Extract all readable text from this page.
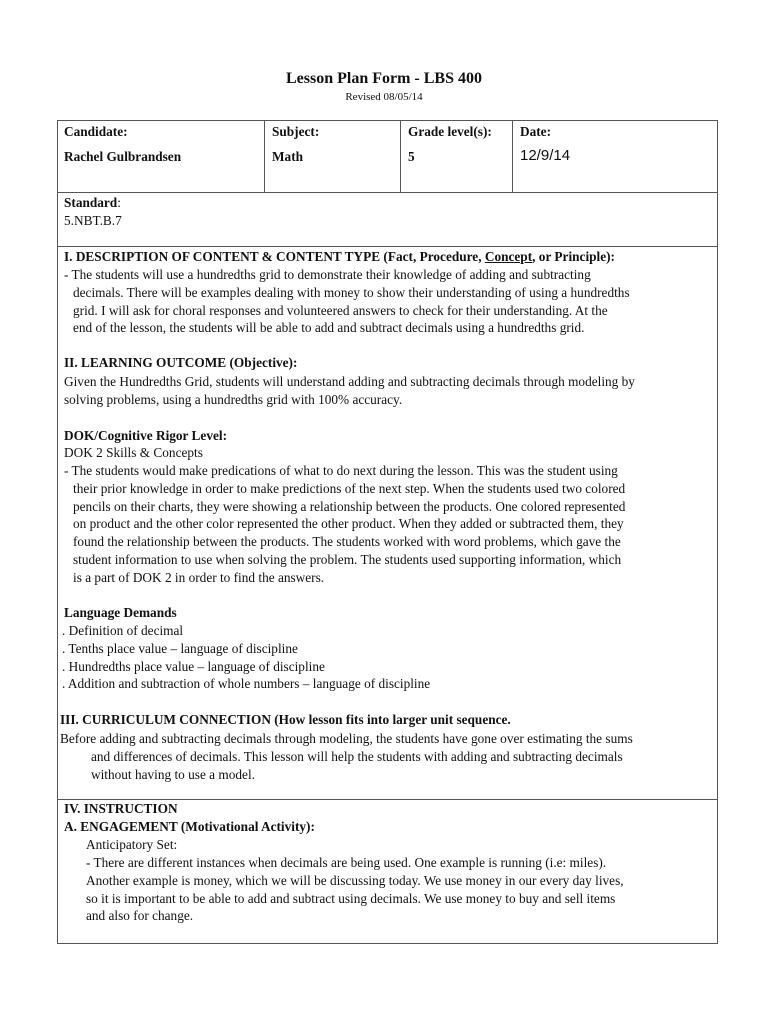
Lesson Plan Form - LBS 400
Revised 08/05/14
Candidate:
Rachel Gulbrandsen
Subject:
Math
Grade level(s):
5
Date:
12/9/14
Standard:
5.NBT.B.7
I. DESCRIPTION OF CONTENT & CONTENT TYPE (Fact, Procedure, Concept, or Principle):
- The students will use a hundredths grid to demonstrate their knowledge of adding and subtracting
decimals. There will be examples dealing with money to show their understanding of using a hundredths
grid. I will ask for choral responses and volunteered answers to check for their understanding. At the
end of the lesson, the students will be able to add and subtract decimals using a hundredths grid.
II. LEARNING OUTCOME (Objective):
Given the Hundredths Grid, students will understand adding and subtracting decimals through modeling by
solving problems, using a hundredths grid with 100% accuracy.
DOK/Cognitive Rigor Level:
DOK 2 Skills & Concepts
- The students would make predications of what to do next during the lesson. This was the student using
their prior knowledge in order to make predictions of the next step. When the students used two colored
pencils on their charts, they were showing a relationship between the products. One colored represented
on product and the other color represented the other product. When they added or subtracted them, they
found the relationship between the products. The students worked with word problems, which gave the
student information to use when solving the problem. The students used supporting information, which
is a part of DOK 2 in order to find the answers.
Language Demands
. Definition of decimal
. Tenths place value – language of discipline
. Hundredths place value – language of discipline
. Addition and subtraction of whole numbers – language of discipline
III. CURRICULUM CONNECTION (How lesson fits into larger unit sequence.
Before adding and subtracting decimals through modeling, the students have gone over estimating the sums
and differences of decimals. This lesson will help the students with adding and subtracting decimals
without having to use a model.
IV. INSTRUCTION
A. ENGAGEMENT (Motivational Activity):
Anticipatory Set:
- There are different instances when decimals are being used. One example is running (i.e: miles).
Another example is money, which we will be discussing today. We use money in our every day lives,
so it is important to be able to add and subtract using decimals. We use money to buy and sell items
and also for change.
